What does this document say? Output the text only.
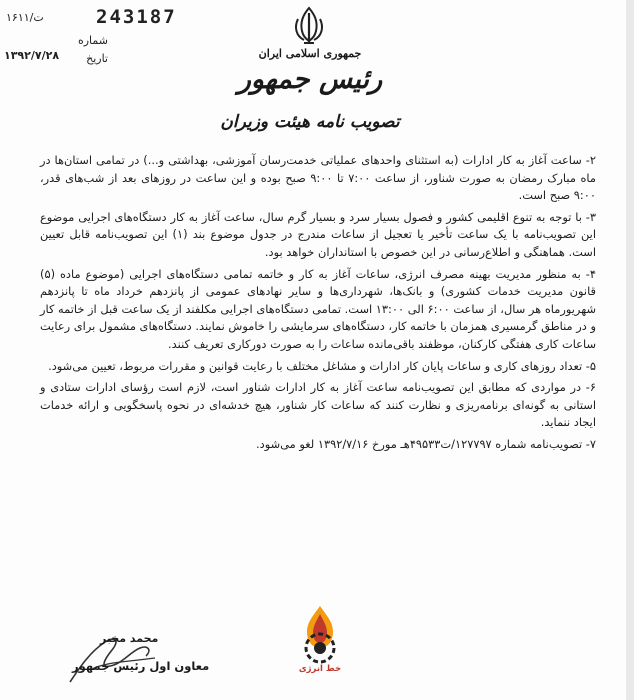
۱۶۱۱/ت	243187
شماره
۱۳۹۲/۷/۲۸	تاریخ	جمهوری اسلامی ایران
رئیس جمهور
تصویب نامه هیئت وزیران

۲- ساعت آغاز به کار ادارات (به استثنای واحدهای عملیاتی خدمت‌رسان آموزشی، بهداشتی و...) در تمامی استان‌ها در ماه مبارک رمضان به صورت شناور، از ساعت ۷:۰۰ تا ۹:۰۰ صبح بوده و این ساعت در روزهای بعد از شب‌های قدر، ۹:۰۰ صبح است.

۳- با توجه به تنوع اقلیمی کشور و فصول بسیار سرد و بسیار گرم سال، ساعت آغاز به کار دستگاه‌های اجرایی موضوع این تصویب‌نامه با یک ساعت تأخیر یا تعجیل از ساعات مندرج در جدول موضوع بند (۱) این تصویب‌نامه قابل تعیین است. هماهنگی و اطلاع‌رسانی در این خصوص با استانداران خواهد بود.

۴- به منظور مدیریت بهینه مصرف انرژی، ساعات آغاز به کار و خاتمه تمامی دستگاه‌های اجرایی (موضوع ماده (۵) قانون مدیریت خدمات کشوری) و بانک‌ها، شهرداری‌ها و سایر نهادهای عمومی از پانزدهم خرداد ماه تا پانزدهم شهریورماه هر سال، از ساعت ۶:۰۰ الی ۱۳:۰۰ است. تمامی دستگاه‌های اجرایی مکلفند از یک ساعت قبل از خاتمه کار و در مناطق گرمسیری همزمان با خاتمه کار، دستگاه‌های سرمایشی را خاموش نمایند. دستگاه‌های مشمول برای رعایت ساعات کاری هفتگی کارکنان، موظفند باقی‌مانده ساعات را به صورت دورکاری تعریف کنند.

۵- تعداد روزهای کاری و ساعات پایان کار ادارات و مشاغل مختلف با رعایت قوانین و مقررات مربوط، تعیین می‌شود.

۶- در مواردی که مطابق این تصویب‌نامه ساعت آغاز به کار ادارات شناور است، لازم است رؤسای ادارات ستادی و استانی به گونه‌ای برنامه‌ریزی و نظارت کنند که ساعات کار شناور، هیچ خدشه‌ای در نحوه پاسخگویی و ارائه خدمات ایجاد ننماید.

۷- تصویب‌نامه شماره ۱۲۷۷۹۷/ت۴۹۵۳۳هـ مورخ ۱۳۹۲/۷/۱۶ لغو می‌شود.

محمد مخبر
معاون اول رئیس جمهور	خط انرژی
